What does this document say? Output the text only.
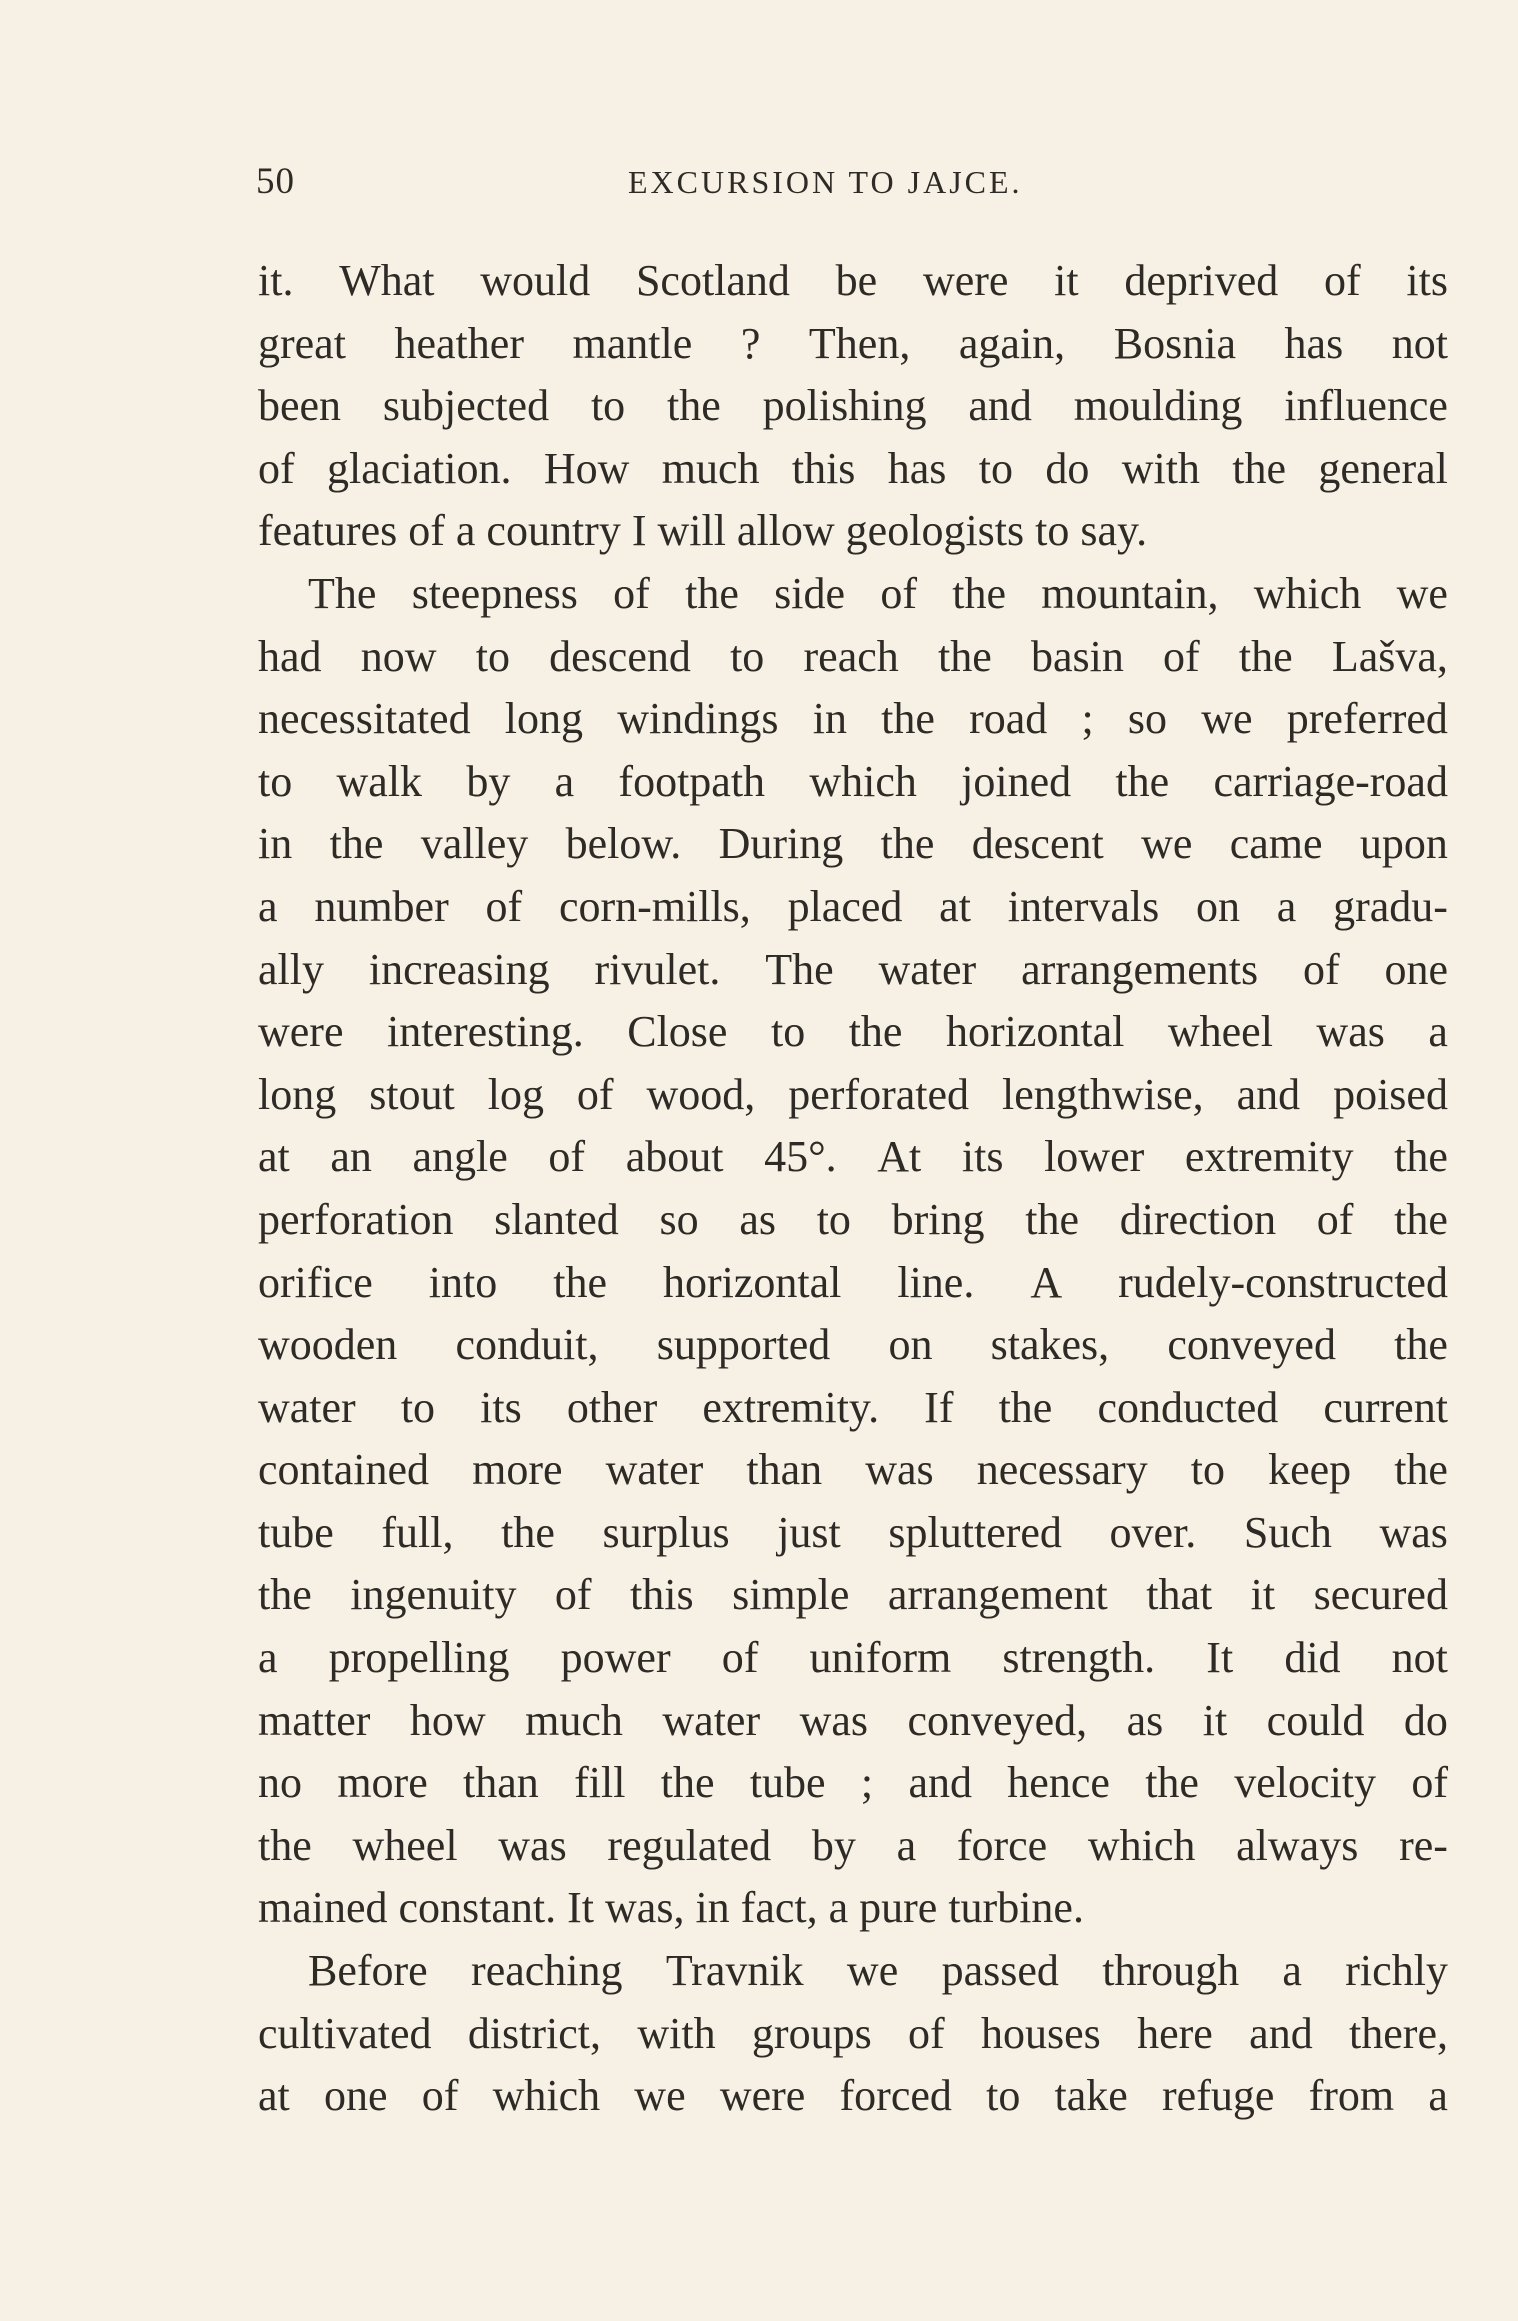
50	EXCURSION TO JAJCE.
it. What would Scotland be were it deprived of its
great heather mantle ? Then, again, Bosnia has not
been subjected to the polishing and moulding influence
of glaciation. How much this has to do with the general
features of a country I will allow geologists to say.
The steepness of the side of the mountain, which we
had now to descend to reach the basin of the Lašva,
necessitated long windings in the road ; so we preferred
to walk by a footpath which joined the carriage-road
in the valley below. During the descent we came upon
a number of corn-mills, placed at intervals on a gradu-
ally increasing rivulet. The water arrangements of one
were interesting. Close to the horizontal wheel was a
long stout log of wood, perforated lengthwise, and poised
at an angle of about 45°. At its lower extremity the
perforation slanted so as to bring the direction of the
orifice into the horizontal line. A rudely-constructed
wooden conduit, supported on stakes, conveyed the
water to its other extremity. If the conducted current
contained more water than was necessary to keep the
tube full, the surplus just spluttered over. Such was
the ingenuity of this simple arrangement that it secured
a propelling power of uniform strength. It did not
matter how much water was conveyed, as it could do
no more than fill the tube ; and hence the velocity of
the wheel was regulated by a force which always re-
mained constant. It was, in fact, a pure turbine.
Before reaching Travnik we passed through a richly
cultivated district, with groups of houses here and there,
at one of which we were forced to take refuge from a
